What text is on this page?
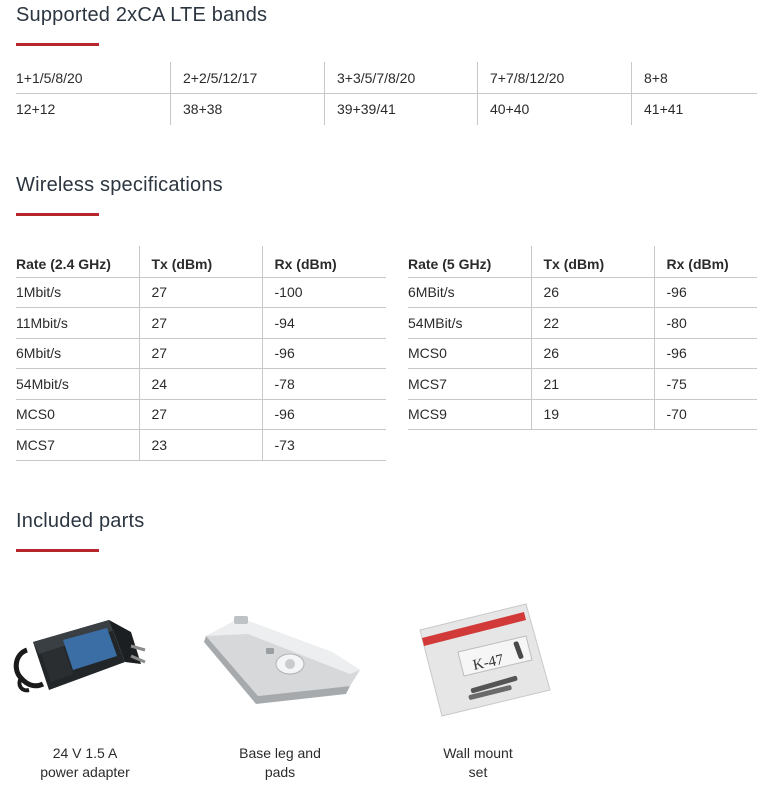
Supported 2xCA LTE bands
1+1/5/8/20	2+2/5/12/17	3+3/5/7/8/20	7+7/8/12/20	8+8
12+12	38+38	39+39/41	40+40	41+41
Wireless specifications
Rate (2.4 GHz)	Tx (dBm)	Rx (dBm)
1Mbit/s	27	-100
11Mbit/s	27	-94
6Mbit/s	27	-96
54Mbit/s	24	-78
MCS0	27	-96
MCS7	23	-73
Rate (5 GHz)	Tx (dBm)	Rx (dBm)
6MBit/s	26	-96
54MBit/s	22	-80
MCS0	26	-96
MCS7	21	-75
MCS9	19	-70
Included parts
24 V 1.5 A
power adapter
Base leg and
pads
K-47
Wall mount
set
